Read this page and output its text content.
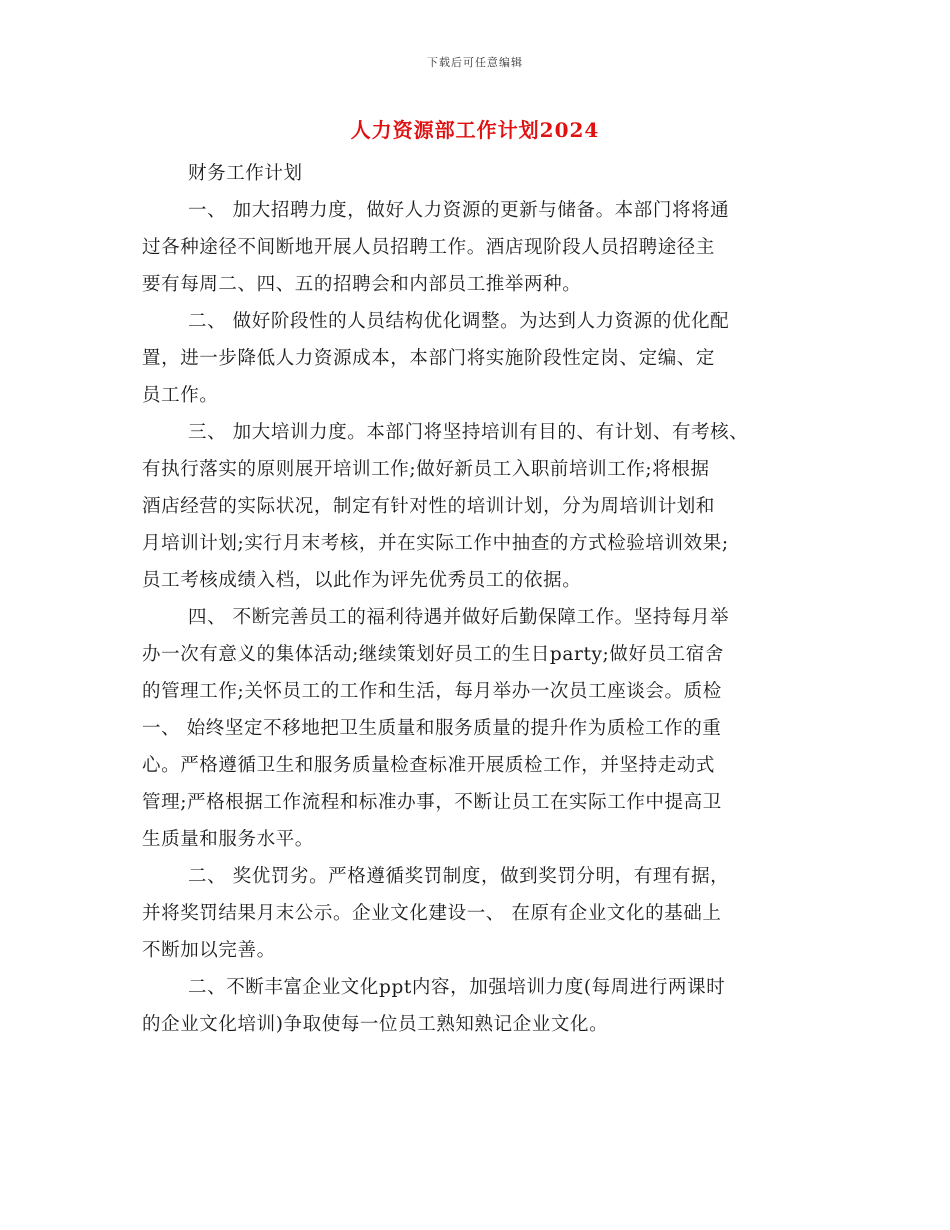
下载后可任意编辑
人力资源部工作计划2024
财务工作计划
一、 加大招聘力度，做好人力资源的更新与储备。本部门将将通
过各种途径不间断地开展人员招聘工作。酒店现阶段人员招聘途径主
要有每周二、四、五的招聘会和内部员工推举两种。
二、 做好阶段性的人员结构优化调整。为达到人力资源的优化配
置，进一步降低人力资源成本，本部门将实施阶段性定岗、定编、定
员工作。
三、 加大培训力度。本部门将坚持培训有目的、有计划、有考核、
有执行落实的原则展开培训工作;做好新员工入职前培训工作;将根据
酒店经营的实际状况，制定有针对性的培训计划，分为周培训计划和
月培训计划;实行月末考核，并在实际工作中抽查的方式检验培训效果;
员工考核成绩入档，以此作为评先优秀员工的依据。
四、 不断完善员工的福利待遇并做好后勤保障工作。坚持每月举
办一次有意义的集体活动;继续策划好员工的生日party;做好员工宿舍
的管理工作;关怀员工的工作和生活，每月举办一次员工座谈会。质检
一、 始终坚定不移地把卫生质量和服务质量的提升作为质检工作的重
心。严格遵循卫生和服务质量检查标准开展质检工作，并坚持走动式
管理;严格根据工作流程和标准办事，不断让员工在实际工作中提高卫
生质量和服务水平。
二、 奖优罚劣。严格遵循奖罚制度，做到奖罚分明，有理有据，
并将奖罚结果月末公示。企业文化建设一、 在原有企业文化的基础上
不断加以完善。
二、不断丰富企业文化ppt内容，加强培训力度(每周进行两课时
的企业文化培训)争取使每一位员工熟知熟记企业文化。
